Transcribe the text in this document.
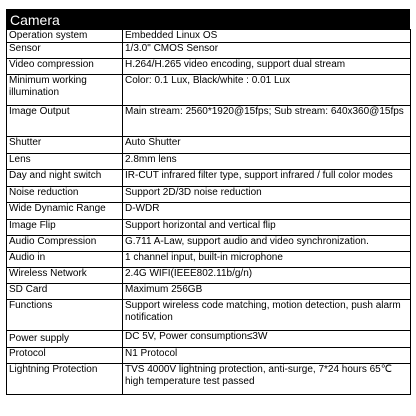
Camera
Operation system	Embedded Linux OS
Sensor	1/3.0" CMOS Sensor
Video compression	H.264/H.265 video encoding, support dual stream
Minimum working illumination	Color: 0.1 Lux, Black/white : 0.01 Lux
Image Output	Main stream: 2560*1920@15fps; Sub stream: 640x360@15fps
Shutter	Auto Shutter
Lens	2.8mm lens
Day and night switch	IR-CUT infrared filter type, support infrared / full color modes
Noise reduction	Support 2D/3D noise reduction
Wide Dynamic Range	D-WDR
Image Flip	Support horizontal and vertical flip
Audio Compression	G.711 A-Law, support audio and video synchronization.
Audio in	1 channel input, built-in microphone
Wireless Network	2.4G WIFI(IEEE802.11b/g/n)
SD Card	Maximum 256GB
Functions	Support wireless code matching, motion detection, push alarm notification
Power supply	DC 5V, Power consumption≤3W
Protocol	N1 Protocol
Lightning Protection	TVS 4000V lightning protection, anti-surge, 7*24 hours 65℃ high temperature test passed
